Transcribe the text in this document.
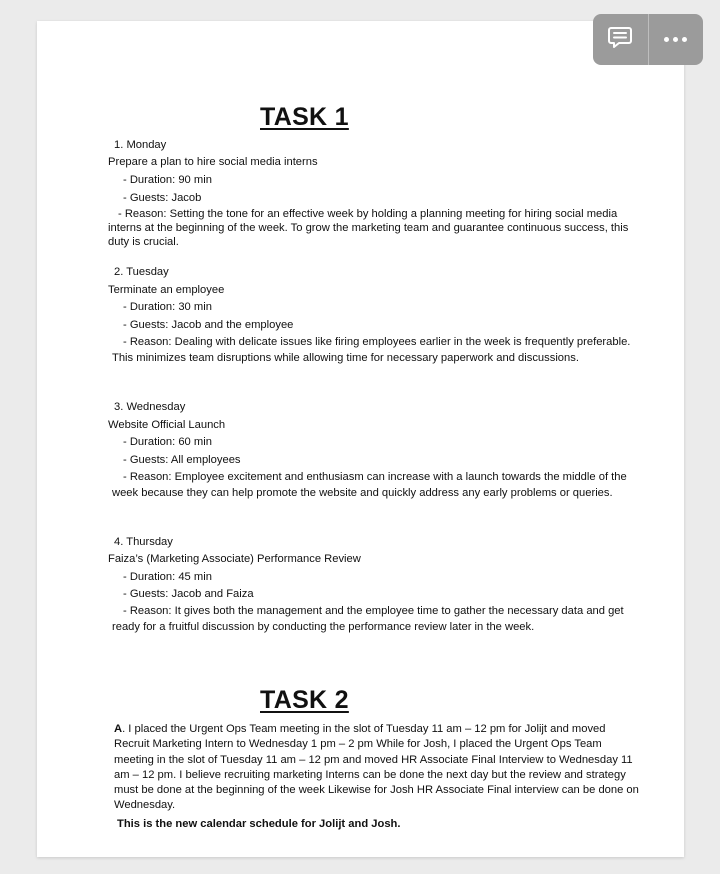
TASK 1
1. Monday
Prepare a plan to hire social media interns
- Duration: 90 min
- Guests: Jacob
- Reason: Setting the tone for an effective week by holding a planning meeting for hiring social media interns at the beginning of the week. To grow the marketing team and guarantee continuous success, this duty is crucial.
2. Tuesday
Terminate an employee
- Duration: 30 min
- Guests: Jacob and the employee
- Reason: Dealing with delicate issues like firing employees earlier in the week is frequently preferable. This minimizes team disruptions while allowing time for necessary paperwork and discussions.
3. Wednesday
Website Official Launch
- Duration: 60 min
- Guests: All employees
- Reason: Employee excitement and enthusiasm can increase with a launch towards the middle of the week because they can help promote the website and quickly address any early problems or queries.
4. Thursday
Faiza’s (Marketing Associate) Performance Review
- Duration: 45 min
- Guests: Jacob and Faiza
- Reason: It gives both the management and the employee time to gather the necessary data and get ready for a fruitful discussion by conducting the performance review later in the week.
TASK 2
A. I placed the Urgent Ops Team meeting in the slot of Tuesday 11 am – 12 pm for Jolijt and moved Recruit Marketing Intern to Wednesday 1 pm – 2 pm While for Josh, I placed the Urgent Ops Team meeting in the slot of Tuesday 11 am – 12 pm and moved HR Associate Final Interview to Wednesday 11 am – 12 pm. I believe recruiting marketing Interns can be done the next day but the review and strategy must be done at the beginning of the week Likewise for Josh HR Associate Final interview can be done on Wednesday.
This is the new calendar schedule for Jolijt and Josh.
